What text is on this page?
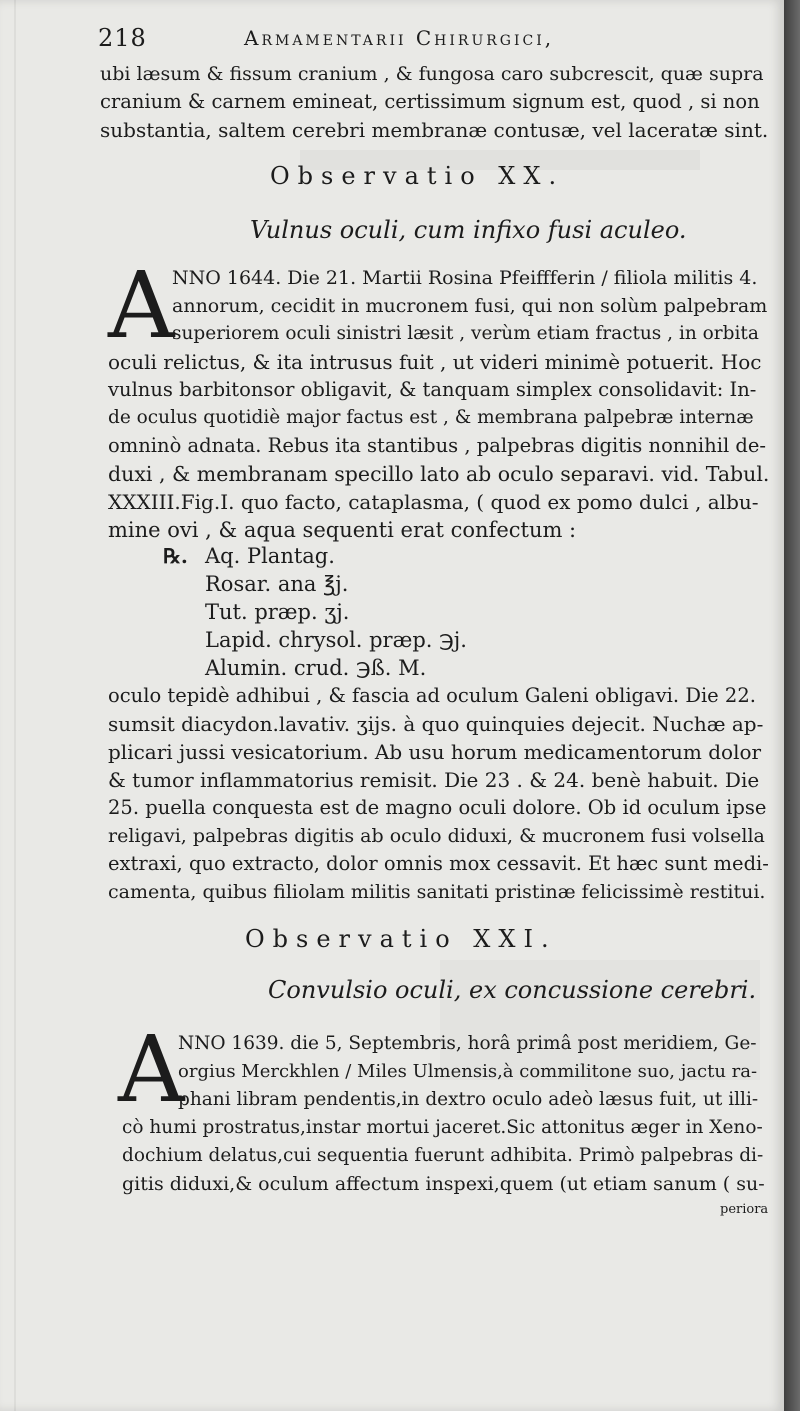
218	Armamentarii Chirurgici,
ubi læsum & fissum cranium , & fungosa caro subcrescit, quæ supra
cranium & carnem emineat, certissimum signum est, quod , si non
substantia, saltem cerebri membranæ contusæ, vel laceratæ sint.
Observatio XX.
Vulnus oculi, cum infixo fusi aculeo.
A
NNO 1644. Die 21. Martii Rosina Pfeiffferin / filiola militis 4.
annorum, cecidit in mucronem fusi, qui non solùm palpebram
superiorem oculi sinistri læsit , verùm etiam fractus , in orbita
oculi relictus, & ita intrusus fuit , ut videri minimè potuerit. Hoc
vulnus barbitonsor obligavit, & tanquam simplex consolidavit: In-
de oculus quotidiè major factus est , & membrana palpebræ internæ
omninò adnata. Rebus ita stantibus , palpebras digitis nonnihil de-
duxi , & membranam specillo lato ab oculo separavi. vid. Tabul.
XXXIII.Fig.I. quo facto, cataplasma, ( quod ex pomo dulci , albu-
mine ovi , & aqua sequenti erat confectum :
℞. Aq. Plantag.
Rosar. ana ℥j.
Tut. præp. ʒj.
Lapid. chrysol. præp. ℈j.
Alumin. crud. ℈ß. M.
oculo tepidè adhibui , & fascia ad oculum Galeni obligavi. Die 22.
sumsit diacydon.lavativ. ʒijs. à quo quinquies dejecit. Nuchæ ap-
plicari jussi vesicatorium. Ab usu horum medicamentorum dolor
& tumor inflammatorius remisit. Die 23 . & 24. benè habuit. Die
25. puella conquesta est de magno oculi dolore. Ob id oculum ipse
religavi, palpebras digitis ab oculo diduxi, & mucronem fusi volsella
extraxi, quo extracto, dolor omnis mox cessavit. Et hæc sunt medi-
camenta, quibus filiolam militis sanitati pristinæ felicissimè restitui.
Observatio XXI.
Convulsio oculi, ex concussione cerebri.
A
NNO 1639. die 5, Septembris, horâ primâ post meridiem, Ge-
orgius Merckhlen / Miles Ulmensis,à commilitone suo, jactu ra-
phani libram pendentis,in dextro oculo adeò læsus fuit, ut illi-
cò humi prostratus,instar mortui jaceret.Sic attonitus æger in Xeno-
dochium delatus,cui sequentia fuerunt adhibita. Primò palpebras di-
gitis diduxi,& oculum affectum inspexi,quem (ut etiam sanum ( su-
periora
